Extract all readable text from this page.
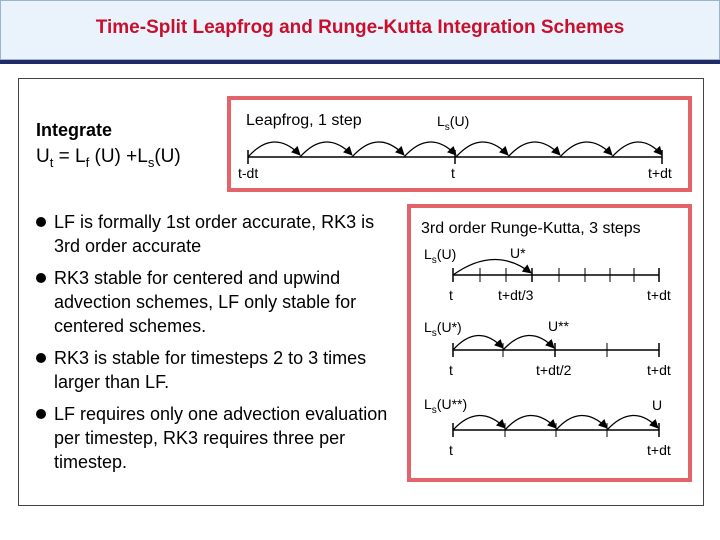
Time-Split Leapfrog and Runge-Kutta Integration Schemes
Integrate
$U_t = L_f$ $(U) +L_s(U)$
LF is formally 1st order accurate, RK3 is 3rd order accurate
RK3 stable for centered and upwind advection schemes, LF only stable for centered schemes.
RK3 is stable for timesteps 2 to 3 times larger than LF.
LF requires only one advection evaluation per timestep, RK3 requires three per timestep.
Leapfrog, 1 step	$L_s(U)$
t-dt	t	t+dt
3rd order Runge-Kutta, 3 steps
$L_s(U)$	U*
t	t+dt/3	t+dt
$L_s(U*)$	U**
t	t+dt/2	t+dt
$L_s(U**)$	U
t	t+dt
